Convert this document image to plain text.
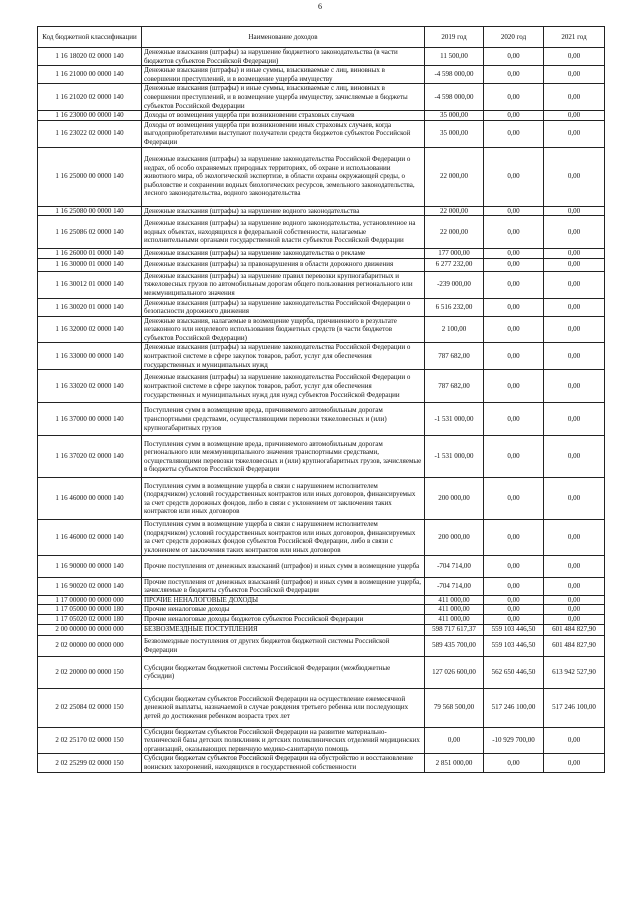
6
Код бюджетной классификации	Наименование доходов	2019 год	2020 год	2021 год
1 16 18020 02 0000 140	Денежные взыскания (штрафы) за нарушение бюджетного законодательства (в части бюджетов субъектов Российской Федерации)	11 500,00	0,00	0,00
1 16 21000 00 0000 140	Денежные взыскания (штрафы) и иные суммы, взыскиваемые с лиц, виновных в совершении преступлений, и в возмещение ущерба имуществу	-4 598 000,00	0,00	0,00
1 16 21020 02 0000 140	Денежные взыскания (штрафы) и иные суммы, взыскиваемые с лиц, виновных в совершении преступлений, и в возмещение ущерба имуществу, зачисляемые в бюджеты субъектов Российской Федерации	-4 598 000,00	0,00	0,00
1 16 23000 00 0000 140	Доходы от возмещения ущерба при возникновении страховых случаев	35 000,00	0,00	0,00
1 16 23022 02 0000 140	Доходы от возмещения ущерба при возникновении иных страховых случаев, когда выгодоприобретателями выступают получатели средств бюджетов субъектов Российской Федерации	35 000,00	0,00	0,00
1 16 25000 00 0000 140	Денежные взыскания (штрафы) за нарушение законодательства Российской Федерации о недрах, об особо охраняемых природных территориях, об охране и использовании животного мира, об экологической экспертизе, в области охраны окружающей среды, о рыболовстве и сохранении водных биологических ресурсов, земельного законодательства, лесного законодательства, водного законодательства	22 000,00	0,00	0,00
1 16 25080 00 0000 140	Денежные взыскания (штрафы) за нарушение водного законодательства	22 000,00	0,00	0,00
1 16 25086 02 0000 140	Денежные взыскания (штрафы) за нарушение водного законодательства, установленное на водных объектах, находящихся в федеральной собственности, налагаемые исполнительными органами государственной власти субъектов Российской Федерации	22 000,00	0,00	0,00
1 16 26000 01 0000 140	Денежные взыскания (штрафы) за нарушение законодательства о рекламе	177 000,00	0,00	0,00
1 16 30000 01 0000 140	Денежные взыскания (штрафы) за правонарушения в области дорожного движения	6 277 232,00	0,00	0,00
1 16 30012 01 0000 140	Денежные взыскания (штрафы) за нарушение правил перевозки крупногабаритных и тяжеловесных грузов по автомобильным дорогам общего пользования регионального или межмуниципального значения	-239 000,00	0,00	0,00
1 16 30020 01 0000 140	Денежные взыскания (штрафы) за нарушение законодательства Российской Федерации о безопасности дорожного движения	6 516 232,00	0,00	0,00
1 16 32000 02 0000 140	Денежные взыскания, налагаемые в возмещение ущерба, причиненного в результате незаконного или нецелевого использования бюджетных средств (в части бюджетов субъектов Российской Федерации)	2 100,00	0,00	0,00
1 16 33000 00 0000 140	Денежные взыскания (штрафы) за нарушение законодательства Российской Федерации о контрактной системе в сфере закупок товаров, работ, услуг для обеспечения государственных и муниципальных нужд	787 682,00	0,00	0,00
1 16 33020 02 0000 140	Денежные взыскания (штрафы) за нарушение законодательства Российской Федерации о контрактной системе в сфере закупок товаров, работ, услуг для обеспечения государственных и муниципальных нужд для нужд субъектов Российской Федерации	787 682,00	0,00	0,00
1 16 37000 00 0000 140	Поступления сумм в возмещение вреда, причиняемого автомобильным дорогам транспортными средствами, осуществляющими перевозки тяжеловесных и (или) крупногабаритных грузов	-1 531 000,00	0,00	0,00
1 16 37020 02 0000 140	Поступления сумм в возмещение вреда, причиняемого автомобильным дорогам регионального или межмуниципального значения транспортными средствами, осуществляющими перевозки тяжеловесных и (или) крупногабаритных грузов, зачисляемые в бюджеты субъектов Российской Федерации	-1 531 000,00	0,00	0,00
1 16 46000 00 0000 140	Поступления сумм в возмещение ущерба в связи с нарушением исполнителем (подрядчиком) условий государственных контрактов или иных договоров, финансируемых за счет средств дорожных фондов, либо в связи с уклонением от заключения таких контрактов или иных договоров	200 000,00	0,00	0,00
1 16 46000 02 0000 140	Поступления сумм в возмещение ущерба в связи с нарушением исполнителем (подрядчиком) условий государственных контрактов или иных договоров, финансируемых за счет средств дорожных фондов субъектов Российской Федерации, либо в связи с уклонением от заключения таких контрактов или иных договоров	200 000,00	0,00	0,00
1 16 90000 00 0000 140	Прочие поступления от денежных взысканий (штрафов) и иных сумм в возмещение ущерба	-704 714,00	0,00	0,00
1 16 90020 02 0000 140	Прочие поступления от денежных взысканий (штрафов) и иных сумм в возмещение ущерба, зачисляемые в бюджеты субъектов Российской Федерации	-704 714,00	0,00	0,00
1 17 00000 00 0000 000	ПРОЧИЕ НЕНАЛОГОВЫЕ ДОХОДЫ	411 000,00	0,00	0,00
1 17 05000 00 0000 180	Прочие неналоговые доходы	411 000,00	0,00	0,00
1 17 05020 02 0000 180	Прочие неналоговые доходы бюджетов субъектов Российской Федерации	411 000,00	0,00	0,00
2 00 00000 00 0000 000	БЕЗВОЗМЕЗДНЫЕ ПОСТУПЛЕНИЯ	598 717 617,37	559 103 446,50	601 484 827,90
2 02 00000 00 0000 000	Безвозмездные поступления от других бюджетов бюджетной системы Российской Федерации	589 435 700,00	559 103 446,50	601 484 827,90
2 02 20000 00 0000 150	Субсидии бюджетам бюджетной системы Российской Федерации (межбюджетные субсидии)	127 026 600,00	562 650 446,50	613 942 527,90
2 02 25084 02 0000 150	Субсидии бюджетам субъектов Российской Федерации на осуществление ежемесячной денежной выплаты, назначаемой в случае рождения третьего ребенка или последующих детей до достижения ребенком возраста трех лет	79 568 500,00	517 246 100,00	517 246 100,00
2 02 25170 02 0000 150	Субсидии бюджетам субъектов Российской Федерации на развитие материально-технической базы детских поликлиник и детских поликлинических отделений медицинских организаций, оказывающих первичную медико-санитарную помощь	0,00	-10 929 700,00	0,00
2 02 25299 02 0000 150	Субсидии бюджетам субъектов Российской Федерации на обустройство и восстановление воинских захоронений, находящихся в государственной собственности	2 851 000,00	0,00	0,00
